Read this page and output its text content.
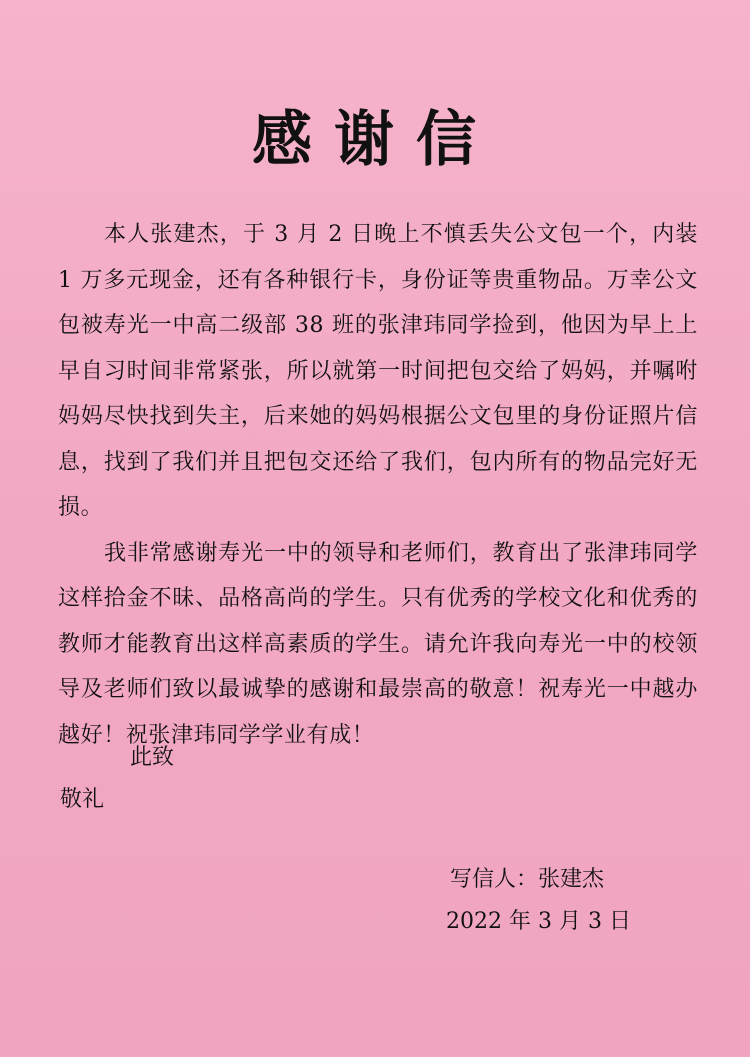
感谢信

本人张建杰，于 3 月 2 日晚上不慎丢失公文包一个，内装 1 万多元现金，还有各种银行卡，身份证等贵重物品。万幸公文包被寿光一中高二级部 38 班的张津玮同学捡到，他因为早上上早自习时间非常紧张，所以就第一时间把包交给了妈妈，并嘱咐妈妈尽快找到失主，后来她的妈妈根据公文包里的身份证照片信息，找到了我们并且把包交还给了我们，包内所有的物品完好无损。

我非常感谢寿光一中的领导和老师们，教育出了张津玮同学这样拾金不昧、品格高尚的学生。只有优秀的学校文化和优秀的教师才能教育出这样高素质的学生。请允许我向寿光一中的校领导及老师们致以最诚挚的感谢和最崇高的敬意！祝寿光一中越办越好！祝张津玮同学学业有成！

此致
敬礼
写信人：张建杰
2022 年 3 月 3 日
